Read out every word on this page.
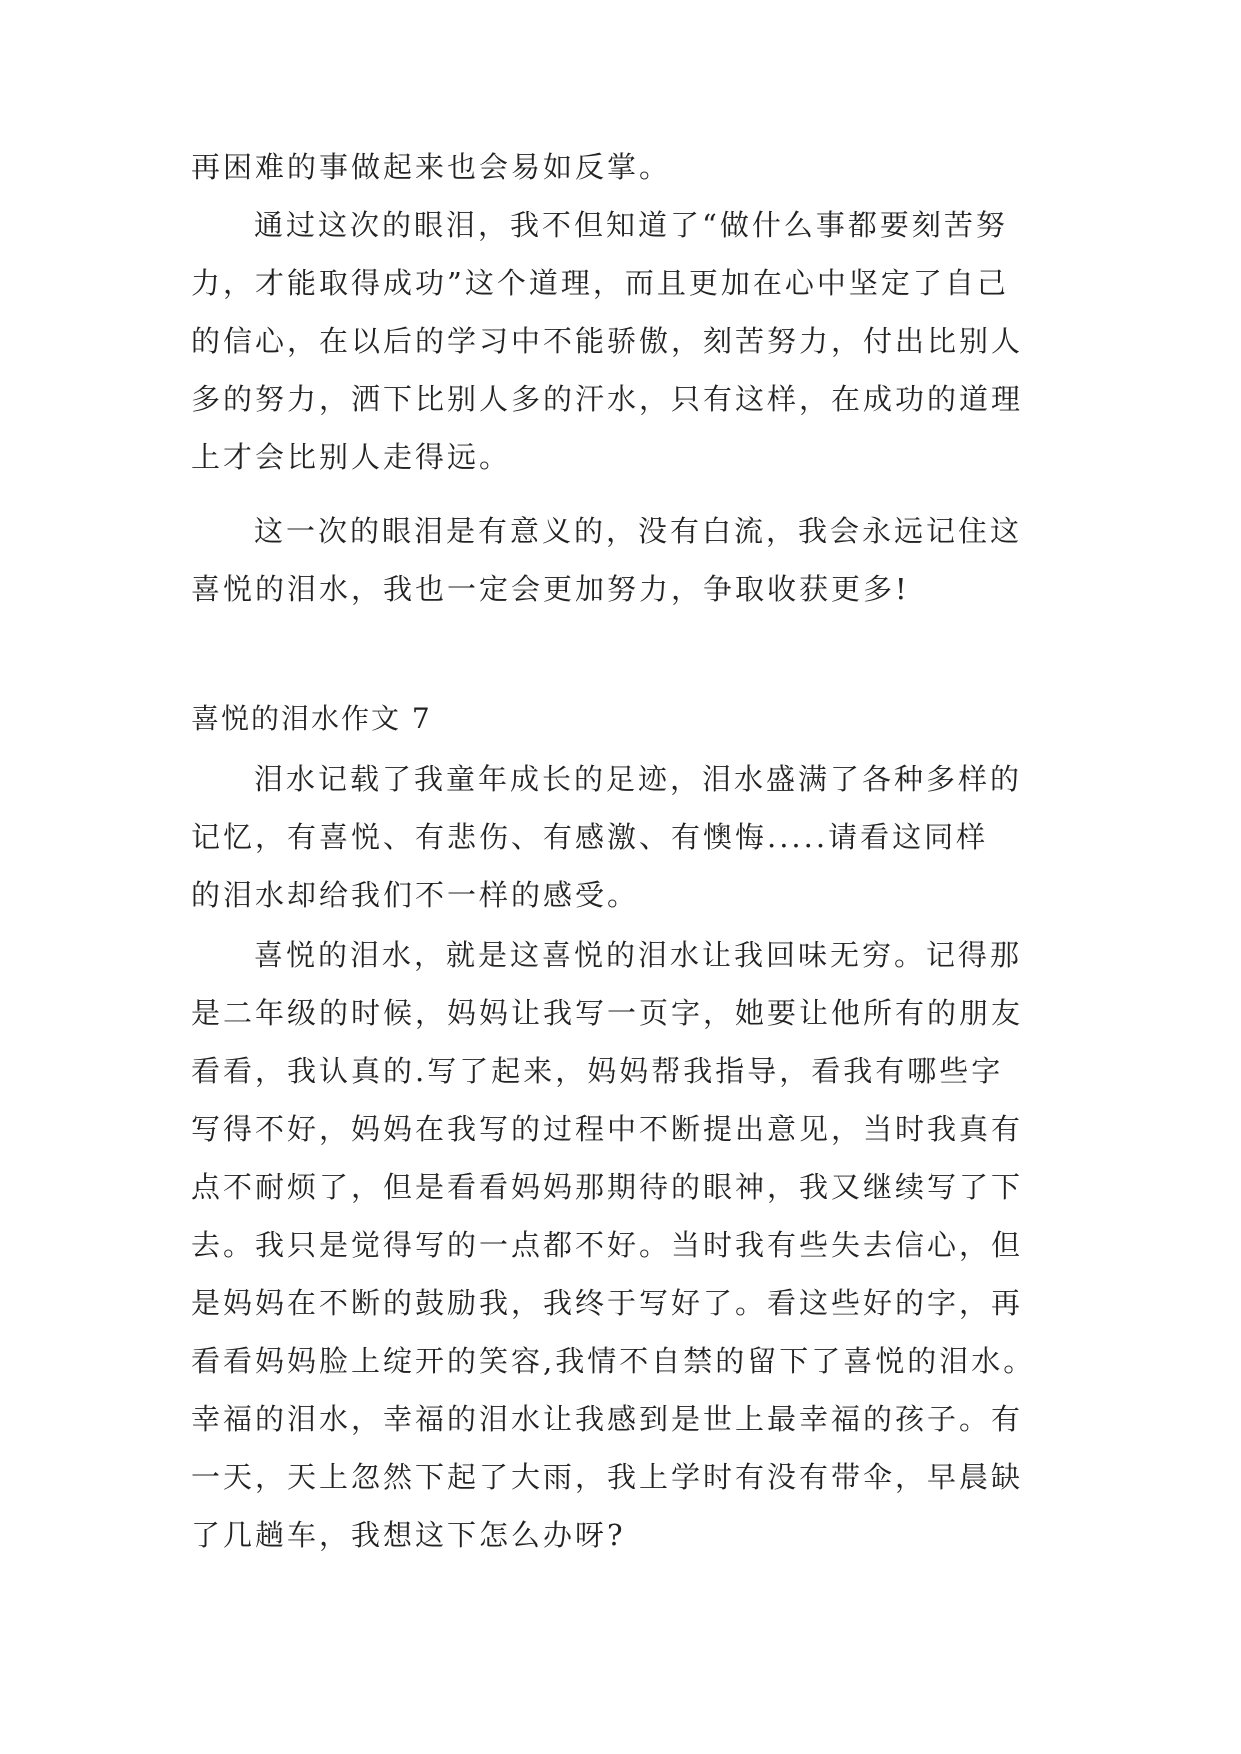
再困难的事做起来也会易如反掌。
通过这次的眼泪，我不但知道了“做什么事都要刻苦努
力，才能取得成功”这个道理，而且更加在心中坚定了自己
的信心，在以后的学习中不能骄傲，刻苦努力，付出比别人
多的努力，洒下比别人多的汗水，只有这样，在成功的道理
上才会比别人走得远。
这一次的眼泪是有意义的，没有白流，我会永远记住这
喜悦的泪水，我也一定会更加努力，争取收获更多!
喜悦的泪水作文 7
泪水记载了我童年成长的足迹，泪水盛满了各种多样的
记忆，有喜悦、有悲伤、有感激、有懊悔.....请看这同样
的泪水却给我们不一样的感受。
喜悦的泪水，就是这喜悦的泪水让我回味无穷。记得那
是二年级的时候，妈妈让我写一页字，她要让他所有的朋友
看看，我认真的.写了起来，妈妈帮我指导，看我有哪些字
写得不好，妈妈在我写的过程中不断提出意见，当时我真有
点不耐烦了，但是看看妈妈那期待的眼神，我又继续写了下
去。我只是觉得写的一点都不好。当时我有些失去信心，但
是妈妈在不断的鼓励我，我终于写好了。看这些好的字，再
看看妈妈脸上绽开的笑容,我情不自禁的留下了喜悦的泪水。
幸福的泪水，幸福的泪水让我感到是世上最幸福的孩子。有
一天，天上忽然下起了大雨，我上学时有没有带伞，早晨缺
了几趟车，我想这下怎么办呀?
